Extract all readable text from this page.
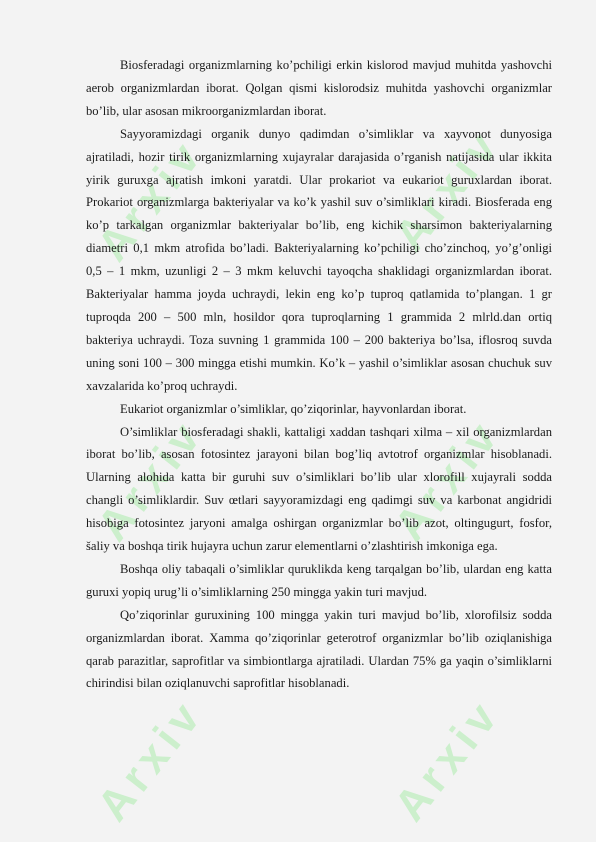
Arxiv	Arxiv
Arxiv	Arxiv
Arxiv	Arxiv

Biosferadagi organizmlarning ko’pchiligi erkin kislorod mavjud muhitda yashovchi aerob organizmlardan iborat. Qolgan qismi kislorodsiz muhitda yashovchi organizmlar bo’lib, ular asosan mikroorganizmlardan iborat.

Sayyoramizdagi organik dunyo qadimdan o’simliklar va xayvonot dunyosiga ajratiladi, hozir tirik organizmlarning xujayralar darajasida o’rganish natijasida ular ikkita yirik guruxga ajratish imkoni yaratdi. Ular prokariot va eukariot guruxlardan iborat. Prokariot organizmlarga bakteriyalar va ko’k yashil suv o’simliklari kiradi. Biosferada eng ko’p tarkalgan organizmlar bakteriyalar bo’lib, eng kichik sharsimon bakteriyalarning diametri 0,1 mkm atrofida bo’ladi. Bakteriyalarning ko’pchiligi cho’zinchoq, yo’g’onligi 0,5 – 1 mkm, uzunligi 2 – 3 mkm keluvchi tayoqcha shaklidagi organizmlardan iborat. Bakteriyalar hamma joyda uchraydi, lekin eng ko’p tuproq qatlamida to’plangan. 1 gr tuproqda 200 – 500 mln, hosildor qora tuproqlarning 1 grammida 2 mlrld.dan ortiq bakteriya uchraydi. Toza suvning 1 grammida 100 – 200 bakteriya bo’lsa, iflosroq suvda uning soni 100 – 300 mingga etishi mumkin. Ko’k – yashil o’simliklar asosan chuchuk suv xavzalarida ko’proq uchraydi.

Eukariot organizmlar o’simliklar, qo’ziqorinlar, hayvonlardan iborat.

O’simliklar biosferadagi shakli, kattaligi xaddan tashqari xilma – xil organizmlardan iborat bo’lib, asosan fotosintez jarayoni bilan bog’liq avtotrof organizmlar hisoblanadi. Ularning alohida katta bir guruhi suv o’simliklari bo’lib ular xlorofill xujayrali sodda changli o’simliklardir. Suv œtlari sayyoramizdagi eng qadimgi suv va karbonat angidridi hisobiga fotosintez jaryoni amalga oshirgan organizmlar bo’lib azot, oltingugurt, fosfor, šaliy va boshqa tirik hujayra uchun zarur elementlarni o’zlashtirish imkoniga ega.

Boshqa oliy tabaqali o’simliklar quruklikda keng tarqalgan bo’lib, ulardan eng katta guruxi yopiq urug’li o’simliklarning 250 mingga yakin turi mavjud.

Qo’ziqorinlar guruxining 100 mingga yakin turi mavjud bo’lib, xlorofilsiz sodda organizmlardan iborat. Xamma qo’ziqorinlar geterotrof organizmlar bo’lib oziqlanishiga qarab parazitlar, saprofitlar va simbiontlarga ajratiladi. Ulardan 75% ga yaqin o’simliklarni chirindisi bilan oziqlanuvchi saprofitlar hisoblanadi.
